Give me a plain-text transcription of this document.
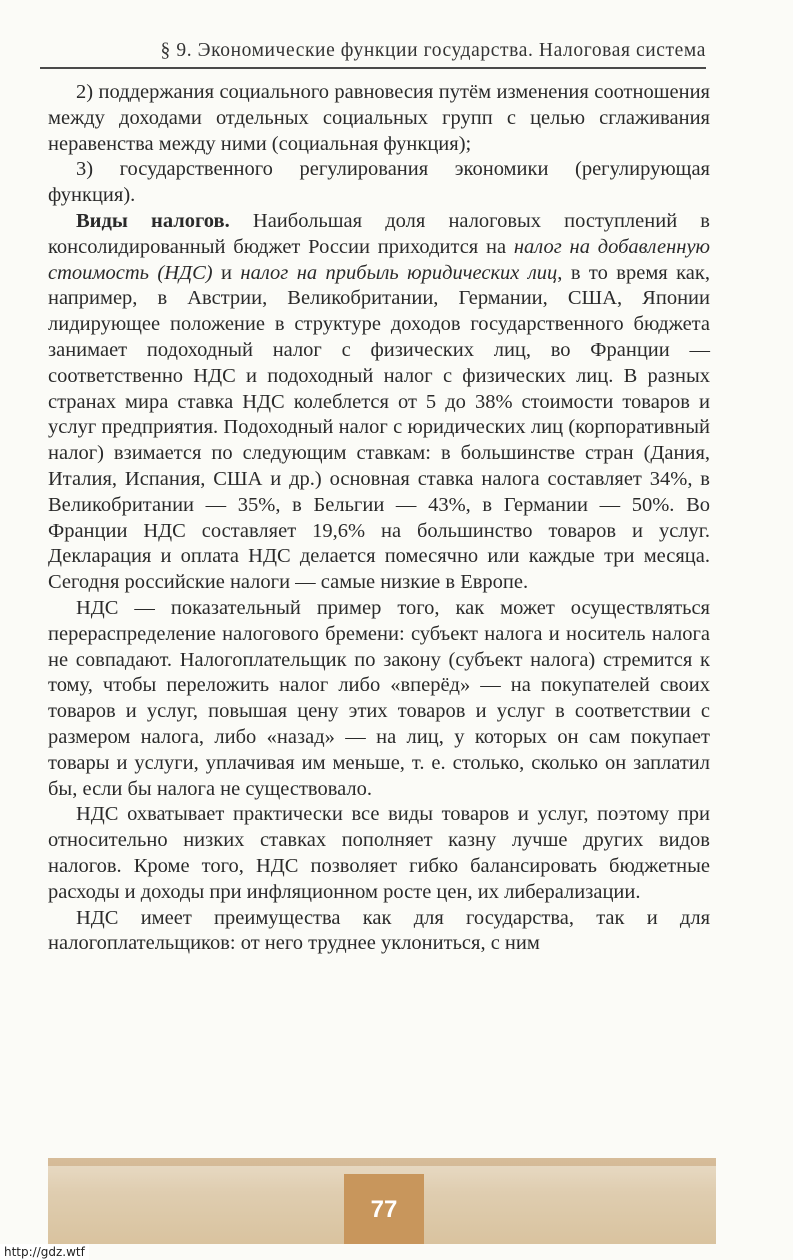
§ 9. Экономические функции государства. Налоговая система

2) поддержания социального равновесия путём изменения соотношения между доходами отдельных социальных групп с целью сглаживания неравенства между ними (социальная функция);

3) государственного регулирования экономики (регулирующая функция).

Виды налогов. Наибольшая доля налоговых поступлений в консолидированный бюджет России приходится на налог на добавленную стоимость (НДС) и налог на прибыль юридических лиц, в то время как, например, в Австрии, Великобритании, Германии, США, Японии лидирующее положение в структуре доходов государственного бюджета занимает подоходный налог с физических лиц, во Франции — соответственно НДС и подоходный налог с физических лиц. В разных странах мира ставка НДС колеблется от 5 до 38% стоимости товаров и услуг предприятия. Подоходный налог с юридических лиц (корпоративный налог) взимается по следующим ставкам: в большинстве стран (Дания, Италия, Испания, США и др.) основная ставка налога составляет 34%, в Великобритании — 35%, в Бельгии — 43%, в Германии — 50%. Во Франции НДС составляет 19,6% на большинство товаров и услуг. Декларация и оплата НДС делается помесячно или каждые три месяца. Сегодня российские налоги — самые низкие в Европе.

НДС — показательный пример того, как может осуществляться перераспределение налогового бремени: субъект налога и носитель налога не совпадают. Налогоплательщик по закону (субъект налога) стремится к тому, чтобы переложить налог либо «вперёд» — на покупателей своих товаров и услуг, повышая цену этих товаров и услуг в соответствии с размером налога, либо «назад» — на лиц, у которых он сам покупает товары и услуги, уплачивая им меньше, т. е. столько, сколько он заплатил бы, если бы налога не существовало.

НДС охватывает практически все виды товаров и услуг, поэтому при относительно низких ставках пополняет казну лучше других видов налогов. Кроме того, НДС позволяет гибко балансировать бюджетные расходы и доходы при инфляционном росте цен, их либерализации.

НДС имеет преимущества как для государства, так и для налогоплательщиков: от него труднее уклониться, с ним

77
http://gdz.wtf
